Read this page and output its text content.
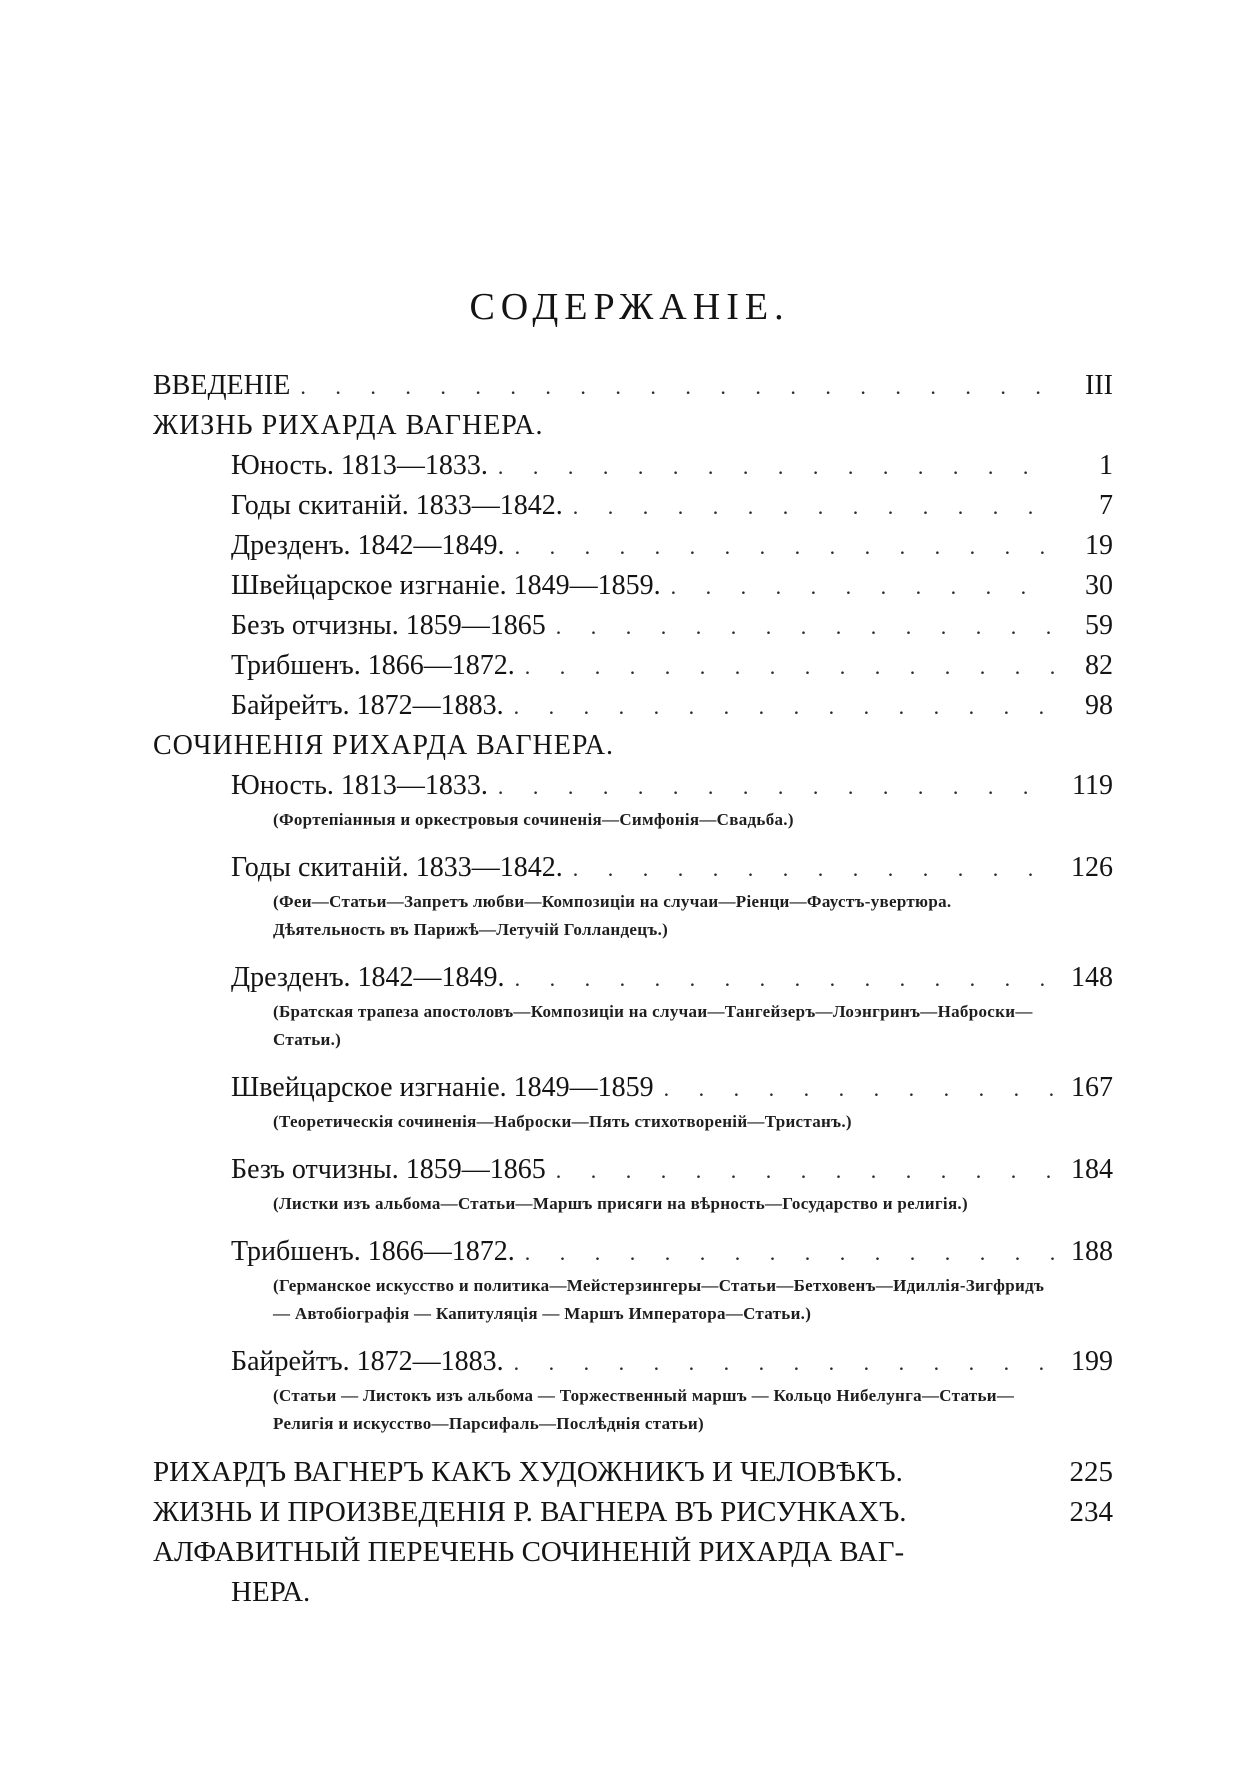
СОДЕРЖАНІЕ.
ВВЕДЕНІЕ . . .	III
ЖИЗНЬ РИХАРДА ВАГНЕРА.
Юность. 1813—1833. . . .	1
Годы скитаній. 1833—1842. . . .	7
Дрезденъ. 1842—1849. . . .	19
Швейцарское изгнаніе. 1849—1859. . . .	30
Безъ отчизны. 1859—1865 . . .	59
Трибшенъ. 1866—1872. . . .	82
Байрейтъ. 1872—1883. . . .	98
СОЧИНЕНІЯ РИХАРДА ВАГНЕРА.
Юность. 1813—1833. . . .	119
(Фортепіанныя и оркестровыя сочиненія—Симфонія—Свадьба.)
Годы скитаній. 1833—1842. . . .	126
(Феи—Статьи—Запретъ любви—Композиціи на случаи—Ріенци—Фаустъ-увертюра. Дѣятельность въ Парижѣ—Летучій Голландецъ.)
Дрезденъ. 1842—1849. . . .	148
(Братская трапеза апостоловъ—Композиціи на случаи—Тангейзеръ—Лоэнгринъ—Наброски—Статьи.)
Швейцарское изгнаніе. 1849—1859 . . .	167
(Теоретическія сочиненія—Наброски—Пять стихотвореній—Тристанъ.)
Безъ отчизны. 1859—1865 . . .	184
(Листки изъ альбома—Статьи—Маршъ присяги на вѣрность—Государство и религія.)
Трибшенъ. 1866—1872. . . .	188
(Германское искусство и политика—Мейстерзингеры—Статьи—Бетховенъ—Идиллія-Зигфридъ — Автобіографія — Капитуляція — Маршъ Императора—Статьи.)
Байрейтъ. 1872—1883. . . .	199
(Статьи — Листокъ изъ альбома — Торжественный маршъ — Кольцо Нибелунга—Статьи—Религія и искусство—Парсифаль—Послѣднія статьи)
РИХАРДЪ ВАГНЕРЪ КАКЪ ХУДОЖНИКЪ И ЧЕЛОВѢКЪ.	225
ЖИЗНЬ И ПРОИЗВЕДЕНІЯ Р. ВАГНЕРА ВЪ РИСУНКАХЪ.	234
АЛФАВИТНЫЙ ПЕРЕЧЕНЬ СОЧИНЕНІЙ РИХАРДА ВАГ-
НЕРА.
